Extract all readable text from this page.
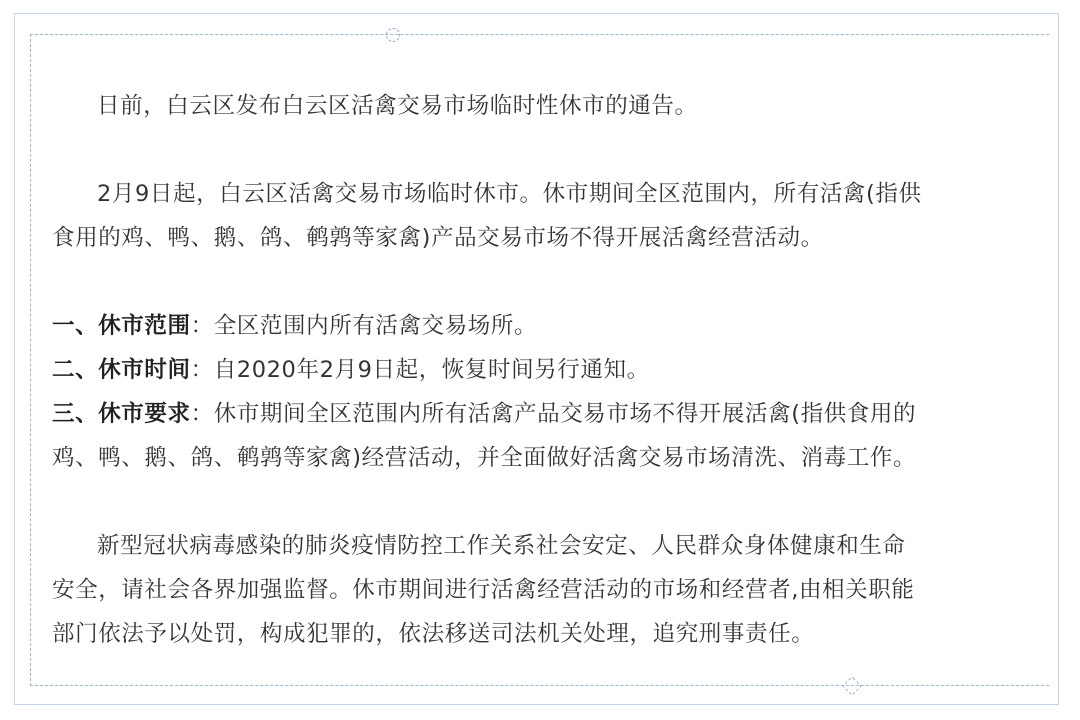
日前，白云区发布白云区活禽交易市场临时性休市的通告。

2月9日起，白云区活禽交易市场临时休市。休市期间全区范围内，所有活禽(指供

食用的鸡、鸭、鹅、鸽、鹌鹑等家禽)产品交易市场不得开展活禽经营活动。

一、休市范围：全区范围内所有活禽交易场所。

二、休市时间：自2020年2月9日起，恢复时间另行通知。

三、休市要求：休市期间全区范围内所有活禽产品交易市场不得开展活禽(指供食用的

鸡、鸭、鹅、鸽、鹌鹑等家禽)经营活动，并全面做好活禽交易市场清洗、消毒工作。

新型冠状病毒感染的肺炎疫情防控工作关系社会安定、人民群众身体健康和生命

安全，请社会各界加强监督。休市期间进行活禽经营活动的市场和经营者,由相关职能

部门依法予以处罚，构成犯罪的，依法移送司法机关处理，追究刑事责任。
